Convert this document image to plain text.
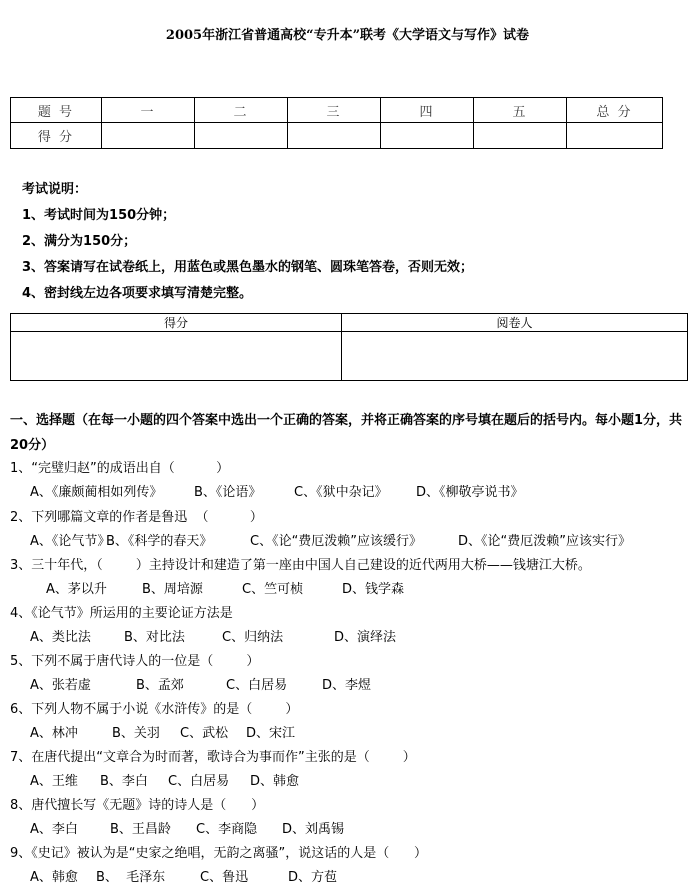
2005年浙江省普通高校“专升本”联考《大学语文与写作》试卷
题 号	一	二	三	四	五	总 分
得 分						
考试说明：
1、考试时间为150分钟；
2、满分为150分；
3、答案请写在试卷纸上，用蓝色或黑色墨水的钢笔、圆珠笔答卷，否则无效；
4、密封线左边各项要求填写清楚完整。
得分	阅卷人

一、选择题（在每一小题的四个答案中选出一个正确的答案，并将正确答案的序号填在题后的括号内。每小题1分，共20分）
1、“完璧归赵”的成语出自（          ）
A、《廉颇蔺相如列传》 B、《论语》	C、《狱中杂记》 D、《柳敬亭说书》
2、下列哪篇文章的作者是鲁迅  （          ）
A、《论气节》
B、《科学的春天》	C、《论“费厄泼赖”应该缓行》	D、《论“费厄泼赖”应该实行》
3、三十年代，（        ）主持设计和建造了第一座由中国人自己建设的近代两用大桥——钱塘江大桥。
A、茅以升	B、周培源	C、竺可桢	D、钱学森
4、《论气节》所运用的主要论证方法是
A、类比法	B、对比法	C、归纳法	D、演绎法
5、下列不属于唐代诗人的一位是（        ）
A、张若虚	B、孟郊	C、白居易	D、李煜
6、下列人物不属于小说《水浒传》的是（        ）
A、林冲	B、关羽 C、武松 D、宋江
7、在唐代提出“文章合为时而著，歌诗合为事而作”主张的是（        ）
A、王维 B、李白 C、白居易 D、韩愈
8、唐代擅长写《无题》诗的诗人是（      ）
A、李白 B、王昌龄 C、李商隐 D、刘禹锡
9、《史记》被认为是“史家之绝唱，无韵之离骚”，说这话的人是（      ）
A、韩愈 B、  毛泽东	C、鲁迅	D、方苞
